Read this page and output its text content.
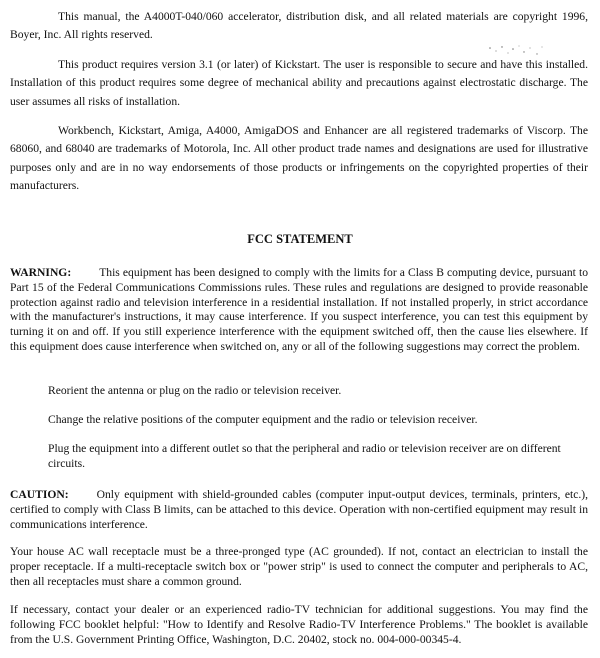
This manual, the A4000T-040/060 accelerator, distribution disk, and all related materials are copyright 1996, Boyer, Inc. All rights reserved.

This product requires version 3.1 (or later) of Kickstart. The user is responsible to secure and have this installed. Installation of this product requires some degree of mechanical ability and precautions against electrostatic discharge. The user assumes all risks of installation.

Workbench, Kickstart, Amiga, A4000, AmigaDOS and Enhancer are all registered trademarks of Viscorp. The 68060, and 68040 are trademarks of Motorola, Inc. All other product trade names and designations are used for illustrative purposes only and are in no way endorsements of those products or infringements on the copyrighted properties of their manufacturers.

FCC STATEMENT

WARNING: This equipment has been designed to comply with the limits for a Class B computing device, pursuant to Part 15 of the Federal Communications Commissions rules. These rules and regulations are designed to provide reasonable protection against radio and television interference in a residential installation. If not installed properly, in strict accordance with the manufacturer's instructions, it may cause interference. If you suspect interference, you can test this equipment by turning it on and off. If you still experience interference with the equipment switched off, then the cause lies elsewhere. If this equipment does cause interference when switched on, any or all of the following suggestions may correct the problem.

Reorient the antenna or plug on the radio or television receiver.

Change the relative positions of the computer equipment and the radio or television receiver.

Plug the equipment into a different outlet so that the peripheral and radio or television receiver are on different circuits.

CAUTION: Only equipment with shield-grounded cables (computer input-output devices, terminals, printers, etc.), certified to comply with Class B limits, can be attached to this device. Operation with non-certified equipment may result in communications interference.

Your house AC wall receptacle must be a three-pronged type (AC grounded). If not, contact an electrician to install the proper receptacle. If a multi-receptacle switch box or "power strip" is used to connect the computer and peripherals to AC, then all receptacles must share a common ground.

If necessary, contact your dealer or an experienced radio-TV technician for additional suggestions. You may find the following FCC booklet helpful: "How to Identify and Resolve Radio-TV Interference Problems." The booklet is available from the U.S. Government Printing Office, Washington, D.C. 20402, stock no. 004-000-00345-4.
